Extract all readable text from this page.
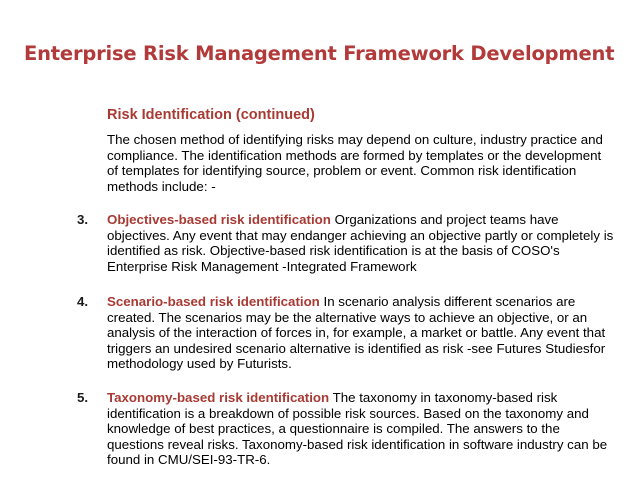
Enterprise Risk Management Framework Development
Risk Identification (continued)
The chosen method of identifying risks may depend on culture, industry practice and compliance. The identification methods are formed by templates or the development of templates for identifying source, problem or event. Common risk identification methods include: -
3. Objectives-based risk identification Organizations and project teams have objectives. Any event that may endanger achieving an objective partly or completely is identified as risk. Objective-based risk identification is at the basis of COSO's Enterprise Risk Management -Integrated Framework
4. Scenario-based risk identification In scenario analysis different scenarios are created. The scenarios may be the alternative ways to achieve an objective, or an analysis of the interaction of forces in, for example, a market or battle. Any event that triggers an undesired scenario alternative is identified as risk -see Futures Studiesfor methodology used by Futurists.
5. Taxonomy-based risk identification The taxonomy in taxonomy-based risk identification is a breakdown of possible risk sources. Based on the taxonomy and knowledge of best practices, a questionnaire is compiled. The answers to the questions reveal risks. Taxonomy-based risk identification in software industry can be found in CMU/SEI-93-TR-6.
